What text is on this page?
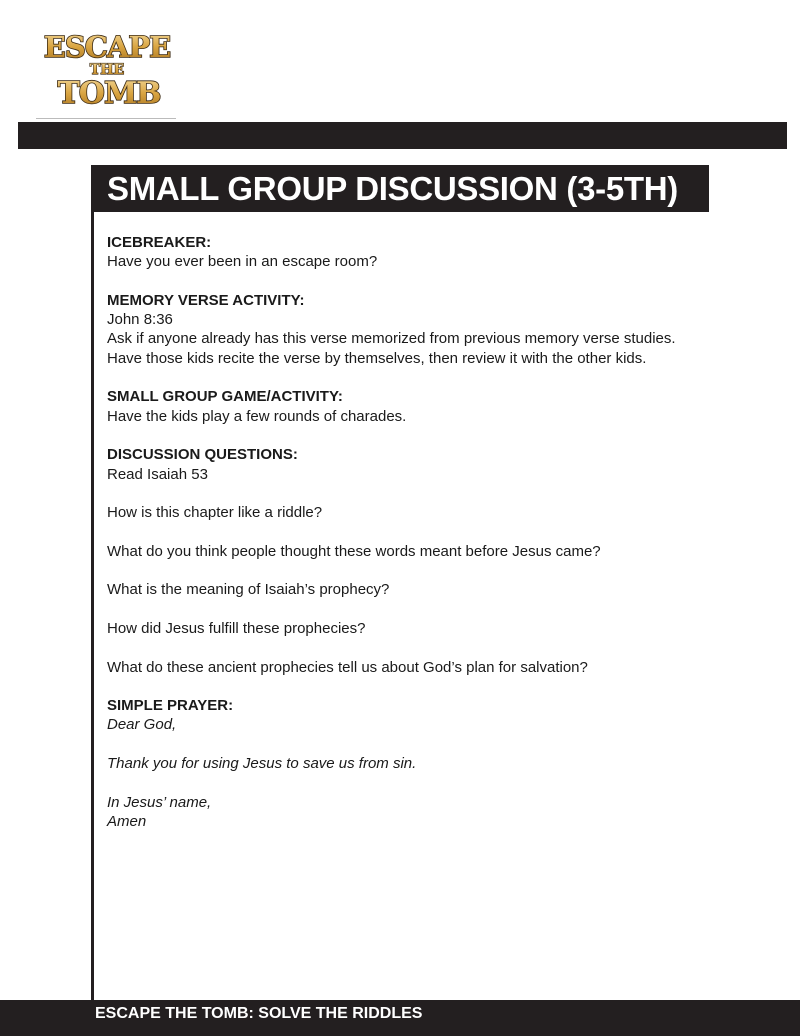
ESCAPE
THE
TOMB
SMALL GROUP DISCUSSION (3-5TH)

ICEBREAKER:

Have you ever been in an escape room?

MEMORY VERSE ACTIVITY:

John 8:36

Ask if anyone already has this verse memorized from previous memory verse studies.

Have those kids recite the verse by themselves, then review it with the other kids.

SMALL GROUP GAME/ACTIVITY:

Have the kids play a few rounds of charades.

DISCUSSION QUESTIONS:

Read Isaiah 53

How is this chapter like a riddle?

What do you think people thought these words meant before Jesus came?

What is the meaning of Isaiah’s prophecy?

How did Jesus fulfill these prophecies?

What do these ancient prophecies tell us about God’s plan for salvation?

SIMPLE PRAYER:

Dear God,

Thank you for using Jesus to save us from sin.

In Jesus’ name,

Amen

ESCAPE THE TOMB: SOLVE THE RIDDLES
